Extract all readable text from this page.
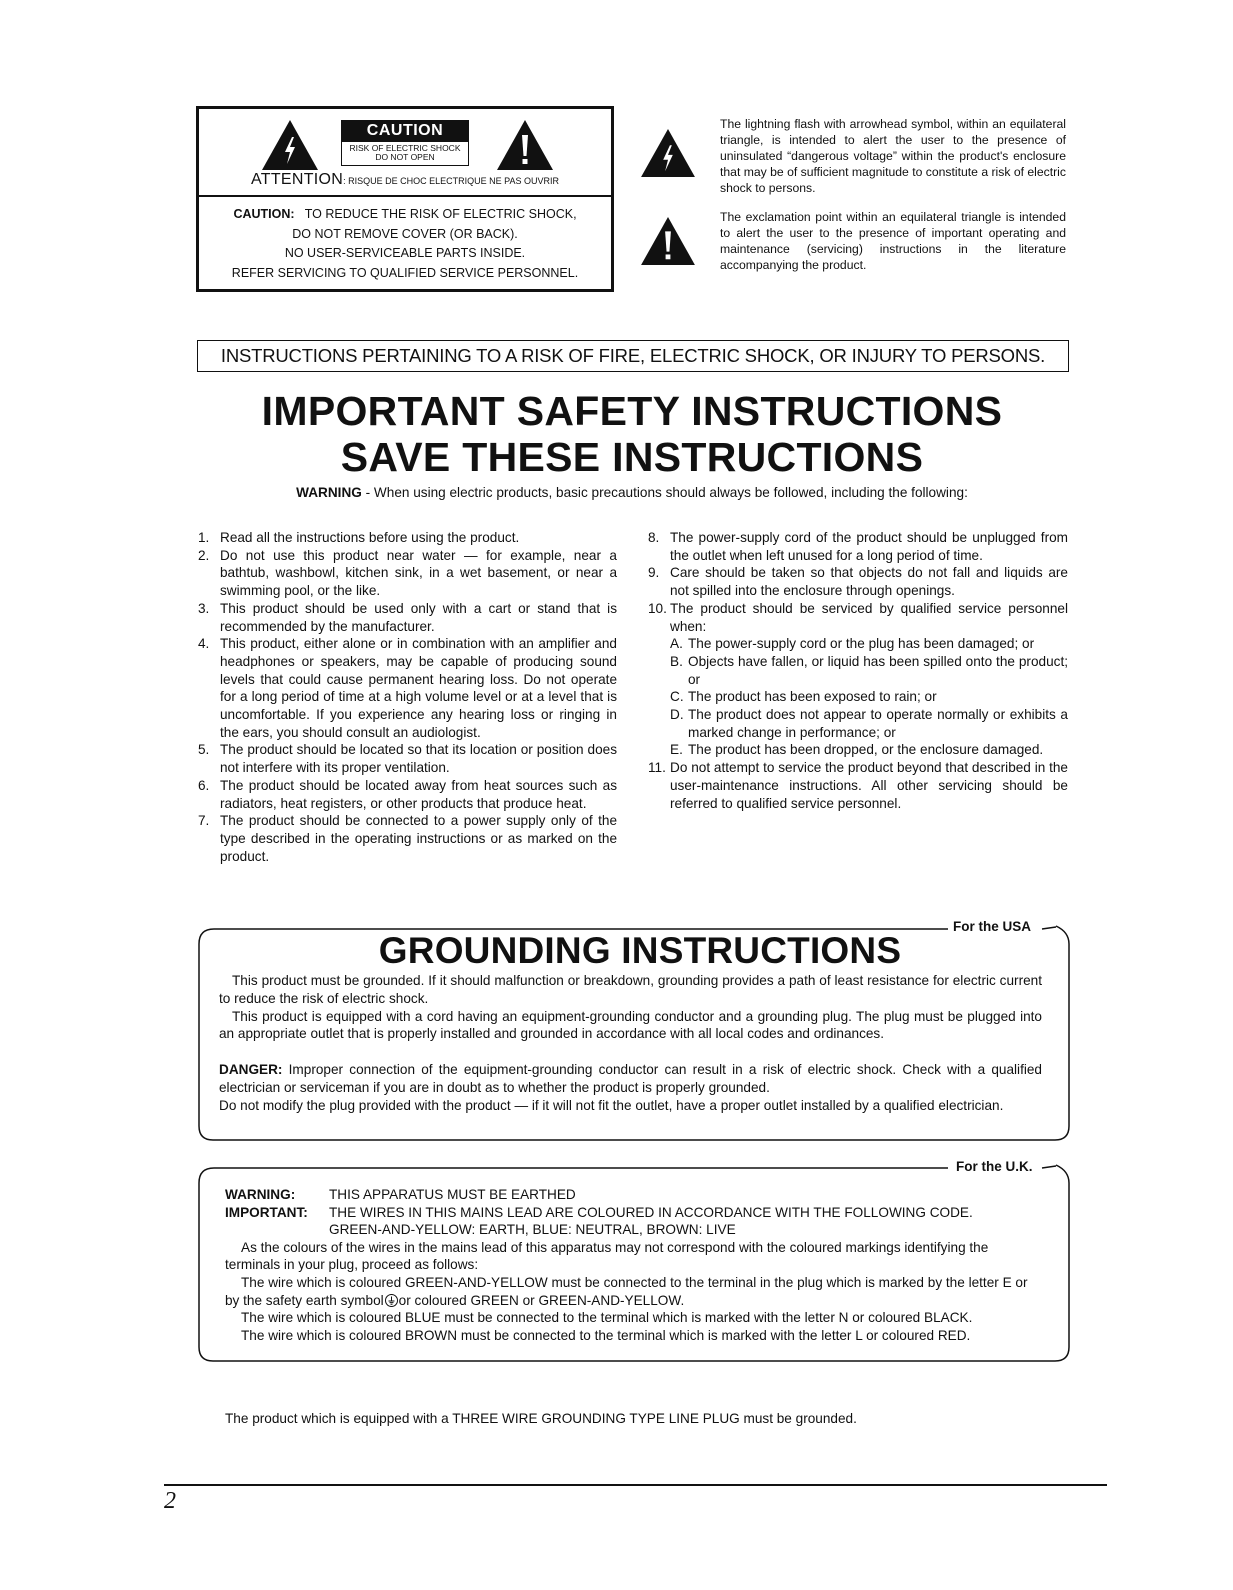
CAUTION
RISK OF ELECTRIC SHOCK
DO NOT OPEN
ATTENTION: RISQUE DE CHOC ELECTRIQUE NE PAS OUVRIR
CAUTION: TO REDUCE THE RISK OF ELECTRIC SHOCK,
DO NOT REMOVE COVER (OR BACK).
NO USER-SERVICEABLE PARTS INSIDE.
REFER SERVICING TO QUALIFIED SERVICE PERSONNEL.
The lightning flash with arrowhead symbol, within an equilateral triangle, is intended to alert the user to the presence of uninsulated “dangerous voltage” within the product's enclosure that may be of sufficient magnitude to constitute a risk of electric shock to persons.
The exclamation point within an equilateral triangle is intended to alert the user to the presence of important operating and maintenance (servicing) instructions in the literature accompanying the product.
INSTRUCTIONS PERTAINING TO A RISK OF FIRE, ELECTRIC SHOCK, OR INJURY TO PERSONS.
IMPORTANT SAFETY INSTRUCTIONS
SAVE THESE INSTRUCTIONS
WARNING - When using electric products, basic precautions should always be followed, including the following:
1. Read all the instructions before using the product.
2. Do not use this product near water — for example, near a bathtub, washbowl, kitchen sink, in a wet basement, or near a swimming pool, or the like.
3. This product should be used only with a cart or stand that is recommended by the manufacturer.
4. This product, either alone or in combination with an amplifier and headphones or speakers, may be capable of producing sound levels that could cause permanent hearing loss. Do not operate for a long period of time at a high volume level or at a level that is uncomfortable. If you experience any hearing loss or ringing in the ears, you should consult an audiologist.
5. The product should be located so that its location or position does not interfere with its proper ventilation.
6. The product should be located away from heat sources such as radiators, heat registers, or other products that produce heat.
7. The product should be connected to a power supply only of the type described in the operating instructions or as marked on the product.
8. The power-supply cord of the product should be unplugged from the outlet when left unused for a long period of time.
9. Care should be taken so that objects do not fall and liquids are not spilled into the enclosure through openings.
10. The product should be serviced by qualified service personnel when:
A. The power-supply cord or the plug has been damaged; or
B. Objects have fallen, or liquid has been spilled onto the product; or
C. The product has been exposed to rain; or
D. The product does not appear to operate normally or exhibits a marked change in performance; or
E. The product has been dropped, or the enclosure damaged.
11. Do not attempt to service the product beyond that described in the user-maintenance instructions. All other servicing should be referred to qualified service personnel.
For the USA
GROUNDING INSTRUCTIONS
This product must be grounded. If it should malfunction or breakdown, grounding provides a path of least resistance for electric current to reduce the risk of electric shock.
This product is equipped with a cord having an equipment-grounding conductor and a grounding plug. The plug must be plugged into an appropriate outlet that is properly installed and grounded in accordance with all local codes and ordinances.
DANGER: Improper connection of the equipment-grounding conductor can result in a risk of electric shock. Check with a qualified electrician or serviceman if you are in doubt as to whether the product is properly grounded.
Do not modify the plug provided with the product — if it will not fit the outlet, have a proper outlet installed by a qualified electrician.
For the U.K.
WARNING:	THIS APPARATUS MUST BE EARTHED
IMPORTANT:	THE WIRES IN THIS MAINS LEAD ARE COLOURED IN ACCORDANCE WITH THE FOLLOWING CODE.
GREEN-AND-YELLOW: EARTH, BLUE: NEUTRAL, BROWN: LIVE
As the colours of the wires in the mains lead of this apparatus may not correspond with the coloured markings identifying the terminals in your plug, proceed as follows:
The wire which is coloured GREEN-AND-YELLOW must be connected to the terminal in the plug which is marked by the letter E or by the safety earth symbol or coloured GREEN or GREEN-AND-YELLOW.
The wire which is coloured BLUE must be connected to the terminal which is marked with the letter N or coloured BLACK.
The wire which is coloured BROWN must be connected to the terminal which is marked with the letter L or coloured RED.
The product which is equipped with a THREE WIRE GROUNDING TYPE LINE PLUG must be grounded.
2
